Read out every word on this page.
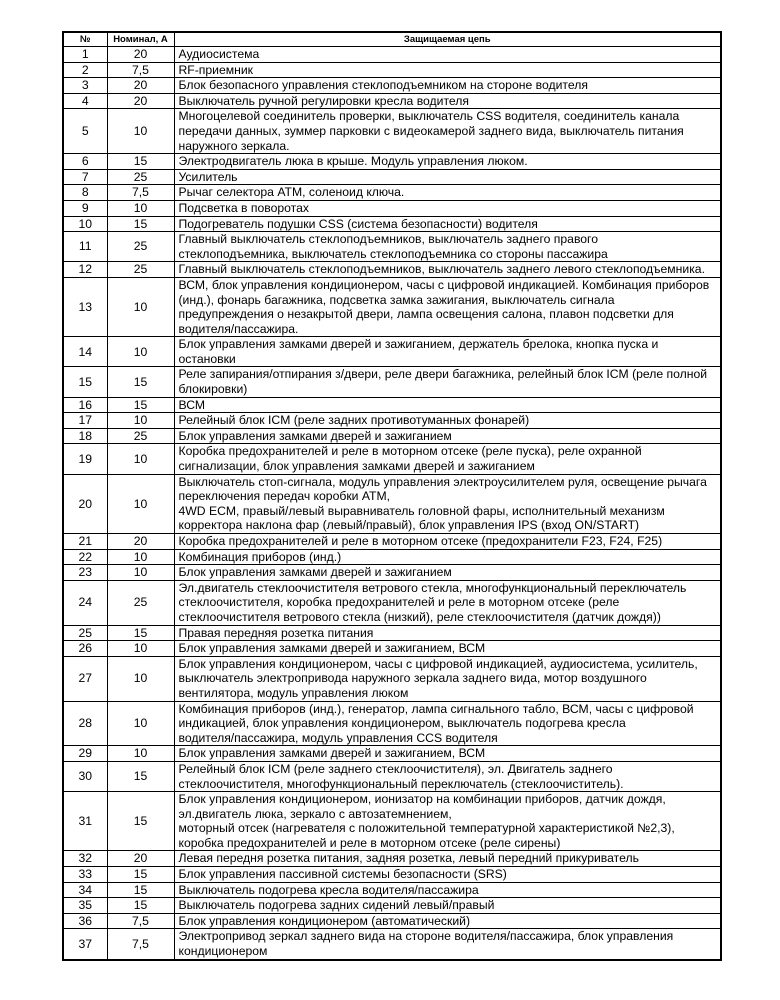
№	Номинал, А	Защищаемая цепь
1	20	Аудиосистема
2	7,5	RF-приемник
3	20	Блок безопасного управления стеклоподъемником на стороне водителя
4	20	Выключатель ручной регулировки кресла водителя
5	10	Многоцелевой соединитель проверки, выключатель CSS водителя, соединитель канала
передачи данных, зуммер парковки с видеокамерой заднего вида, выключатель питания
наружного зеркала.
6	15	Электродвигатель люка в крыше. Модуль управления люком.
7	25	Усилитель
8	7,5	Рычаг селектора АТМ, соленоид ключа.
9	10	Подсветка в поворотах
10	15	Подогреватель подушки CSS (система безопасности) водителя
11	25	Главный выключатель стеклоподъемников, выключатель заднего правого
стеклоподъемника, выключатель стеклоподъемника со стороны пассажира
12	25	Главный выключатель стеклоподъемников, выключатель заднего левого стеклоподъемника.
13	10	ВСМ, блок управления кондиционером, часы с цифровой индикацией. Комбинация приборов
(инд.), фонарь багажника, подсветка замка зажигания, выключатель сигнала
предупреждения о незакрытой двери, лампа освещения салона, плавон подсветки для
водителя/пассажира.
14	10	Блок управления замками дверей и зажиганием, держатель брелока, кнопка пуска и
остановки
15	15	Реле запирания/отпирания з/двери, реле двери багажника, релейный блок ICM (реле полной
блокировки)
16	15	ВСМ
17	10	Релейный блок ICM (реле задних противотуманных фонарей)
18	25	Блок управления замками дверей и зажиганием
19	10	Коробка предохранителей и реле в моторном отсеке (реле пуска), реле охранной
сигнализации, блок управления замками дверей и зажиганием
20	10	Выключатель стоп-сигнала, модуль управления электроусилителем руля, освещение рычага
переключения передач коробки АТМ,
4WD ECM, правый/левый выравниватель головной фары, исполнительный механизм
корректора наклона фар (левый/правый), блок управления IPS (вход ON/START)
21	20	Коробка предохранителей и реле в моторном отсеке (предохранители F23, F24, F25)
22	10	Комбинация приборов (инд.)
23	10	Блок управления замками дверей и зажиганием
24	25	Эл.двигатель стеклоочистителя ветрового стекла, многофункциональный переключатель
стеклоочистителя, коробка предохранителей и реле в моторном отсеке (реле
стеклоочистителя ветрового стекла (низкий), реле стеклоочистителя (датчик дождя))
25	15	Правая передняя розетка питания
26	10	Блок управления замками дверей и зажиганием, ВСМ
27	10	Блок управления кондиционером, часы с цифровой индикацией, аудиосистема, усилитель,
выключатель электропривода наружного зеркала заднего вида, мотор воздушного
вентилятора, модуль управления люком
28	10	Комбинация приборов (инд.), генератор, лампа сигнального табло, ВСМ, часы с цифровой
индикацией, блок управления кондиционером, выключатель подогрева кресла
водителя/пассажира, модуль управления CCS водителя
29	10	Блок управления замками дверей и зажиганием, ВСМ
30	15	Релейный блок ICM (реле заднего стеклоочистителя), эл. Двигатель заднего
стеклоочистителя, многофункциональный переключатель (стеклоочиститель).
31	15	Блок управления кондиционером, ионизатор на комбинации приборов, датчик дождя,
эл.двигатель люка, зеркало с автозатемнением,
моторный отсек (нагревателя с положительной температурной характеристикой №2,3),
коробка предохранителей и реле в моторном отсеке (реле сирены)
32	20	Левая передня розетка питания, задняя розетка, левый передний прикуриватель
33	15	Блок управления пассивной системы безопасности (SRS)
34	15	Выключатель подогрева кресла водителя/пассажира
35	15	Выключатель подогрева задних сидений левый/правый
36	7,5	Блок управления кондиционером (автоматический)
37	7,5	Электропривод зеркал заднего вида на стороне водителя/пассажира, блок управления
кондиционером
